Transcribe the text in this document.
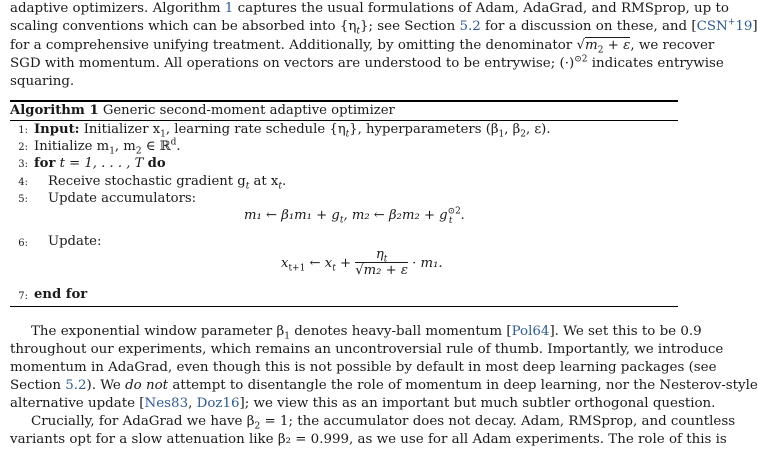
adaptive optimizers. Algorithm 1 captures the usual formulations of Adam, AdaGrad, and RMSprop, up to
scaling conventions which can be absorbed into $\{\eta_t\}$; see Section 5.2 for a discussion on these, and [CSN+19]
for a comprehensive unifying treatment. Additionally, by omitting the denominator $√m_2 + \varepsilon$, we recover
SGD with momentum. All operations on vectors are understood to be entrywise; $(\cdot)^{⊙2}$ indicates entrywise
squaring.
Algorithm 1 Generic second-moment adaptive optimizer
1: Input: Initializer $x_1$, learning rate schedule $\{\eta_t\}$, hyperparameters ($\beta_1$, $\beta_2$, ε).
2: Initialize $m_1$, $m_2$ ∈ ℝ$^d$.
3: for t = 1, . . . , T do
4: Receive stochastic gradient $g_t$ at $x_t$.
5: Update accumulators:
m₁ ← $\beta_1m_1 + g_t$, m₂ ← $\beta_2m_2 + g^{⊙2}_t$ .
6: Update:
$x_{t+1}$ ← $x_t + \frac{\eta_t}{\text{√m₂ + ε}} \cdot m_1$.
7: end for
The exponential window parameter $\beta_1$ denotes heavy-ball momentum [Pol64]. We set this to be 0.9
throughout our experiments, which remains an uncontroversial rule of thumb. Importantly, we introduce
momentum in AdaGrad, even though this is not possible by default in most deep learning packages (see
Section 5.2). We do not attempt to disentangle the role of momentum in deep learning, nor the Nesterov-style
alternative update [Nes83, Doz16]; we view this as an important but much subtler orthogonal question.
Crucially, for AdaGrad we have $\beta_2 = 1$; the accumulator does not decay. Adam, RMSprop, and countless
variants opt for a slow attenuation like β₂ = 0.999, as we use for all Adam experiments. The role of this is
